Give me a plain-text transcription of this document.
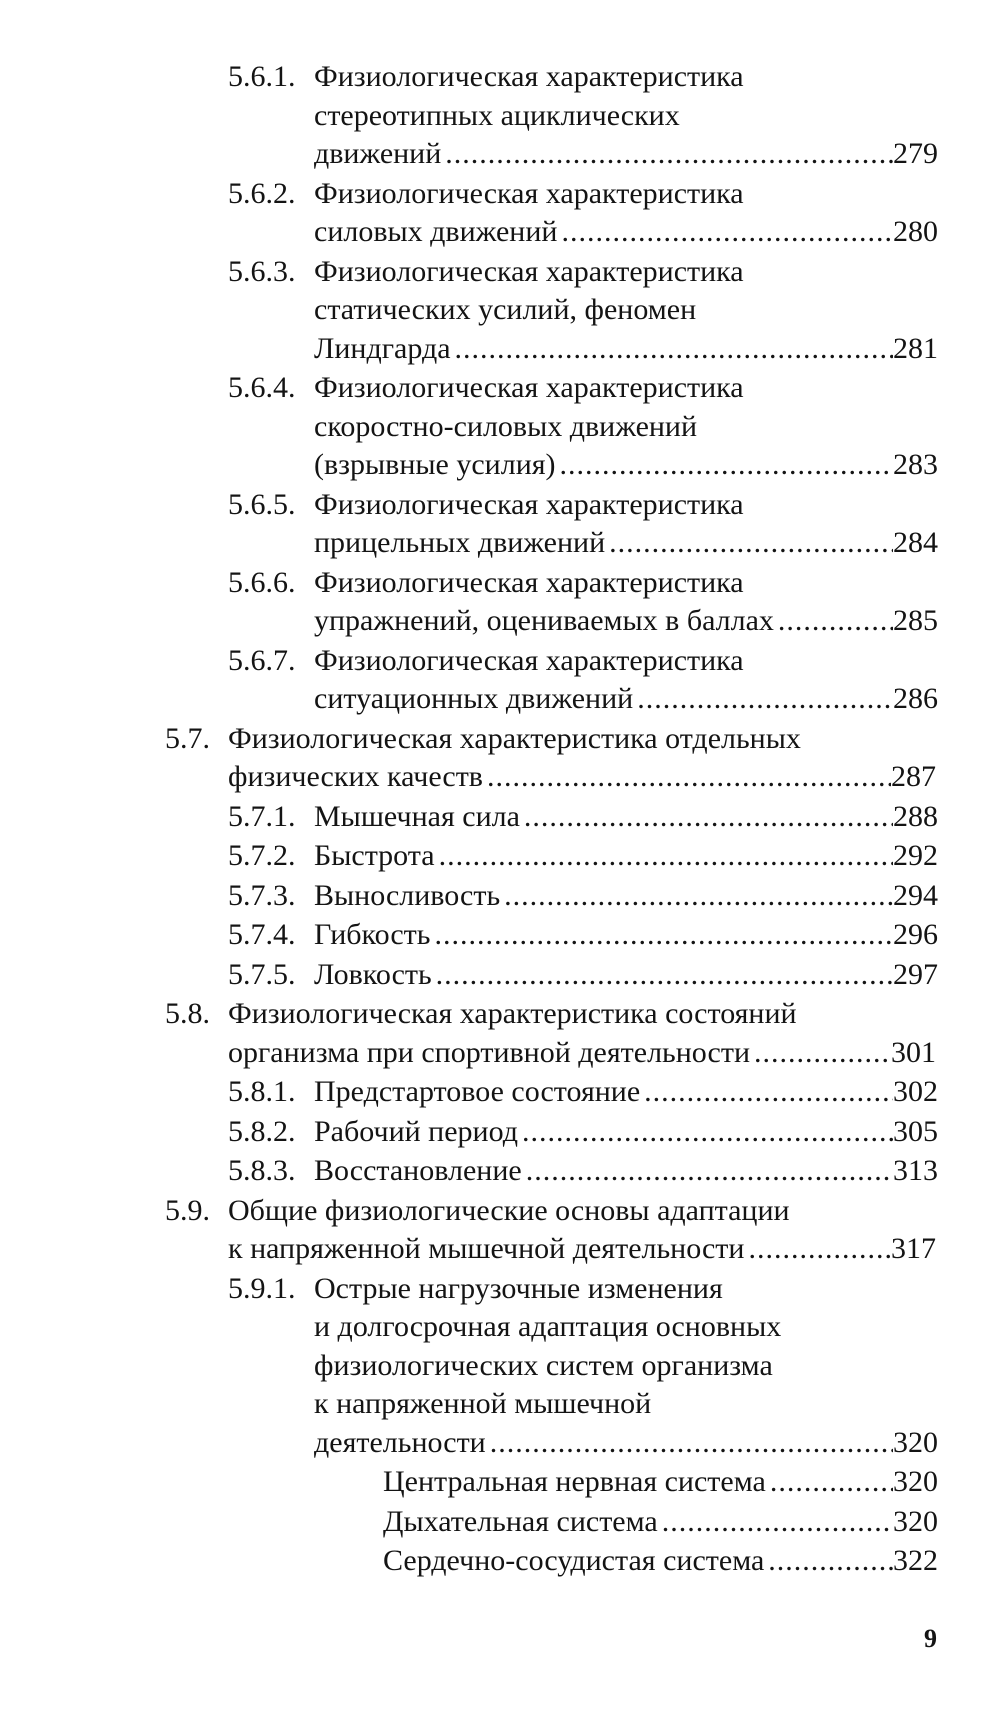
5.6.1. Физиологическая характеристика
стереотипных ациклических
движений .....	279
5.6.2. Физиологическая характеристика
силовых движений .....	280
5.6.3. Физиологическая характеристика
статических усилий, феномен
Линдгарда .....	281
5.6.4. Физиологическая характеристика
скоростно-силовых движений
(взрывные усилия) .....	283
5.6.5. Физиологическая характеристика
прицельных движений .....	284
5.6.6. Физиологическая характеристика
упражнений, оцениваемых в баллах .....	285
5.6.7. Физиологическая характеристика
ситуационных движений .....	286
5.7. Физиологическая характеристика отдельных
физических качеств .....	287
5.7.1. Мышечная сила .....	288
5.7.2. Быстрота .....	292
5.7.3. Выносливость .....	294
5.7.4. Гибкость .....	296
5.7.5. Ловкость .....	297
5.8. Физиологическая характеристика состояний
организма при спортивной деятельности .....	301
5.8.1. Предстартовое состояние .....	302
5.8.2. Рабочий период .....	305
5.8.3. Восстановление .....	313
5.9. Общие физиологические основы адаптации
к напряженной мышечной деятельности .....	317
5.9.1. Острые нагрузочные изменения
и долгосрочная адаптация основных
физиологических систем организма
к напряженной мышечной
деятельности .....	320
Центральная нервная система .....	320
Дыхательная система .....	320
Сердечно-сосудистая система .....	322
9
